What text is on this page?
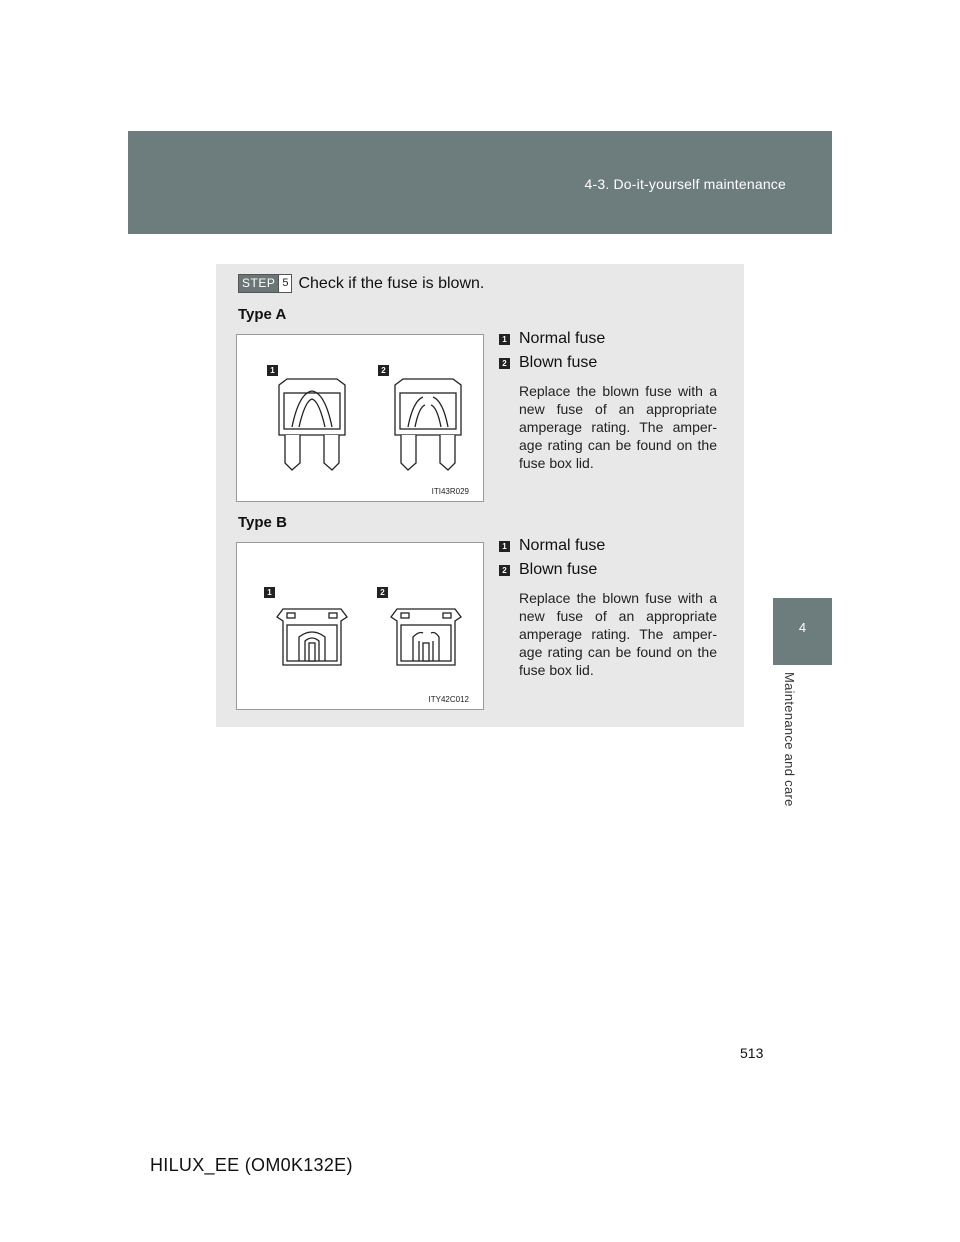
4-3. Do-it-yourself maintenance
4
Maintenance and care
STEP 5 Check if the fuse is blown.
Type A
1	2
ITI43R029
1 Normal fuse
2 Blown fuse

Replace the blown fuse with a new fuse of an appropriate amperage rating. The amper-age rating can be found on the fuse box lid.

Type B
1	2
ITY42C012
1 Normal fuse
2 Blown fuse

Replace the blown fuse with a new fuse of an appropriate amperage rating. The amper-age rating can be found on the fuse box lid.

513
HILUX_EE (OM0K132E)
